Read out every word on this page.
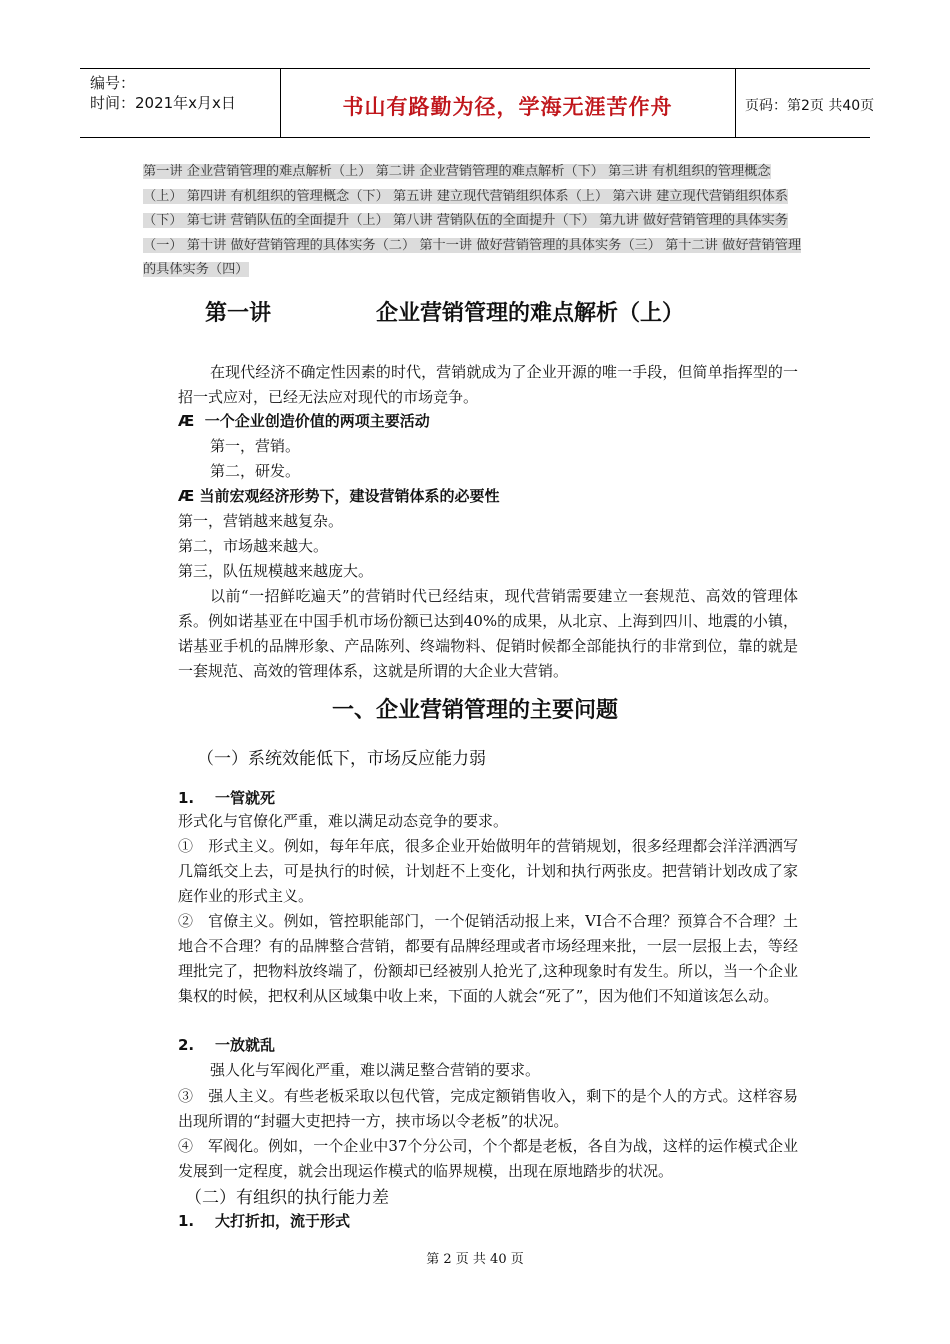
编号：
时间：2021年x月x日	书山有路勤为径，学海无涯苦作舟	页码：第2页 共40页
第一讲 企业营销管理的难点解析（上） 第二讲 企业营销管理的难点解析（下） 第三讲 有机组织的管理概念（上） 第四讲 有机组织的管理概念（下） 第五讲 建立现代营销组织体系（上） 第六讲 建立现代营销组织体系（下） 第七讲 营销队伍的全面提升（上） 第八讲 营销队伍的全面提升（下） 第九讲 做好营销管理的具体实务（一） 第十讲 做好营销管理的具体实务（二） 第十一讲 做好营销管理的具体实务（三） 第十二讲 做好营销管理的具体实务（四）
第一讲	企业营销管理的难点解析（上）
在现代经济不确定性因素的时代，营销就成为了企业开源的唯一手段，但简单指挥型的一招一式应对，已经无法应对现代的市场竞争。
Æ 一个企业创造价值的两项主要活动
第一，营销。
第二，研发。
Æ 当前宏观经济形势下，建设营销体系的必要性
第一，营销越来越复杂。
第二，市场越来越大。
第三，队伍规模越来越庞大。
以前“一招鲜吃遍天”的营销时代已经结束，现代营销需要建立一套规范、高效的管理体系。例如诺基亚在中国手机市场份额已达到40%的成果，从北京、上海到四川、地震的小镇，诺基亚手机的品牌形象、产品陈列、终端物料、促销时候都全部能执行的非常到位，靠的就是一套规范、高效的管理体系，这就是所谓的大企业大营销。
一、企业营销管理的主要问题
（一）系统效能低下，市场反应能力弱
1. 一管就死
形式化与官僚化严重，难以满足动态竞争的要求。
①　形式主义。例如，每年年底，很多企业开始做明年的营销规划，很多经理都会洋洋洒洒写几篇纸交上去，可是执行的时候，计划赶不上变化，计划和执行两张皮。把营销计划改成了家庭作业的形式主义。
②　官僚主义。例如，管控职能部门，一个促销活动报上来，VI合不合理？预算合不合理？土地合不合理？有的品牌整合营销，都要有品牌经理或者市场经理来批，一层一层报上去，等经理批完了，把物料放终端了，份额却已经被别人抢光了,这种现象时有发生。所以，当一个企业集权的时候，把权利从区域集中收上来，下面的人就会“死了”，因为他们不知道该怎么动。
2. 一放就乱
强人化与军阀化严重，难以满足整合营销的要求。
③　强人主义。有些老板采取以包代管，完成定额销售收入，剩下的是个人的方式。这样容易出现所谓的“封疆大吏把持一方，挟市场以令老板”的状况。
④　军阀化。例如，一个企业中37个分公司，个个都是老板，各自为战，这样的运作模式企业发展到一定程度，就会出现运作模式的临界规模，出现在原地踏步的状况。
（二）有组织的执行能力差
1. 大打折扣，流于形式
第 2 页 共 40 页
